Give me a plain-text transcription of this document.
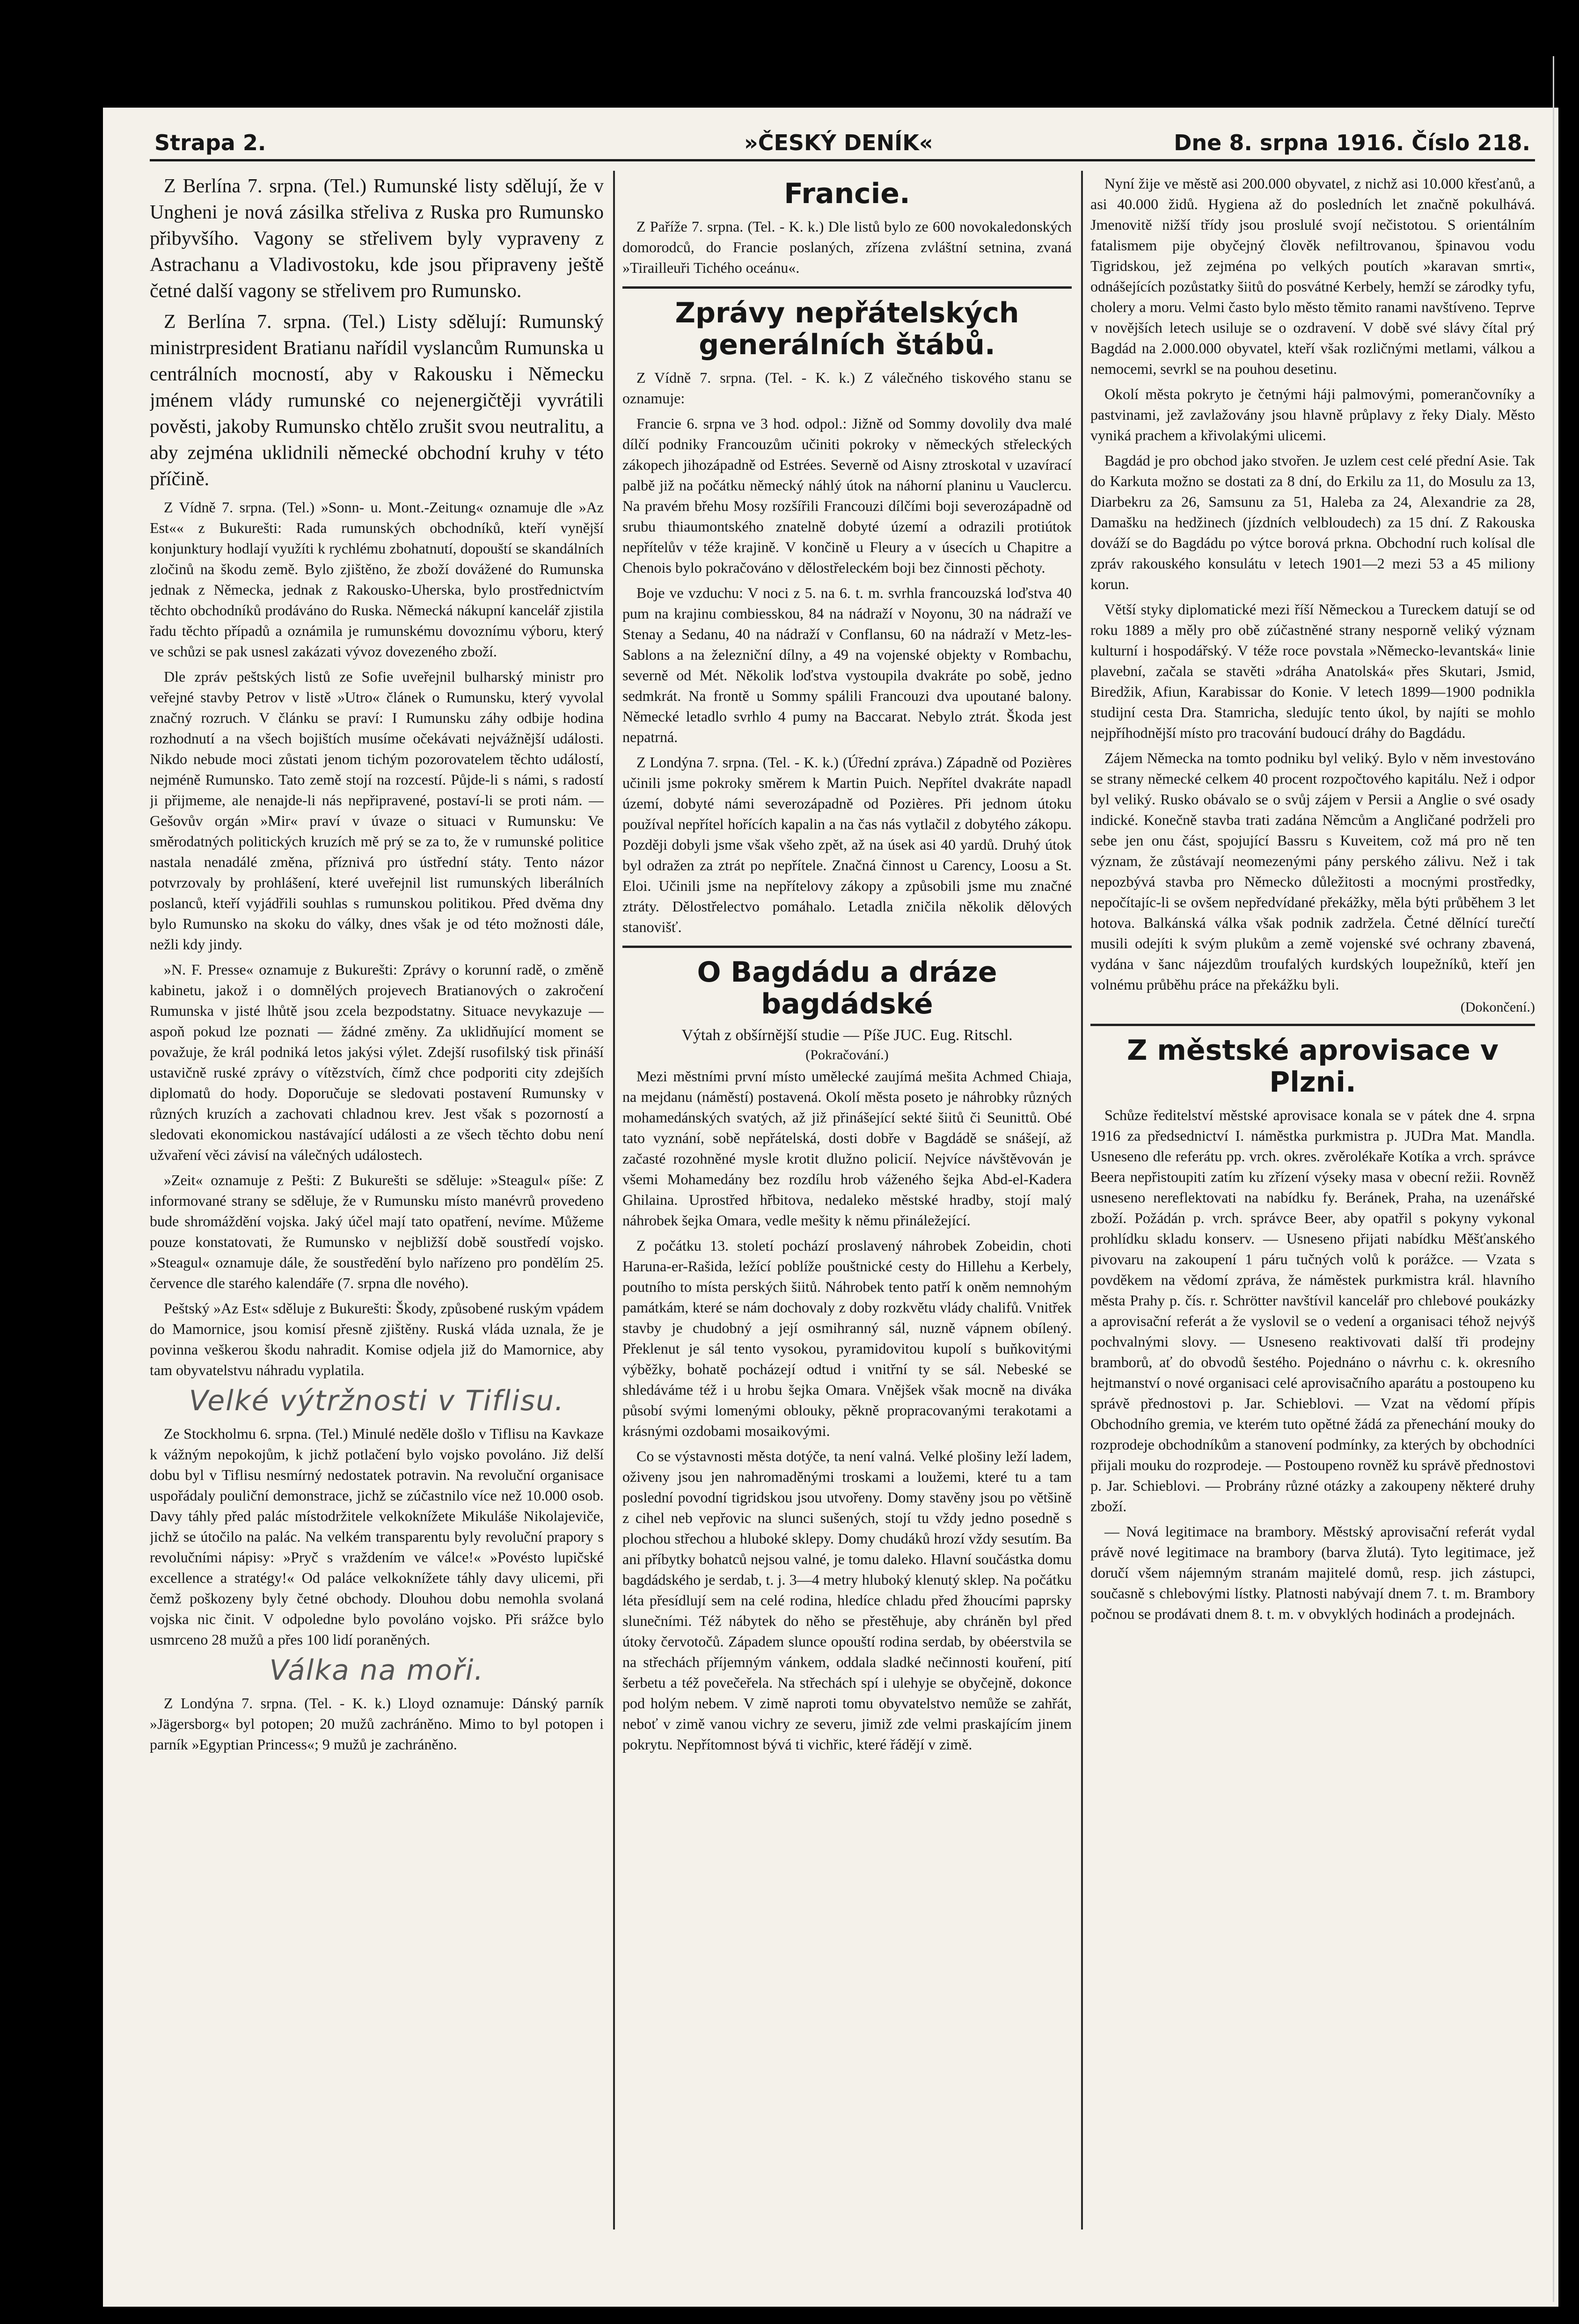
Strapa 2.	»ČESKÝ DENÍK«	Dne 8. srpna 1916. Číslo 218.

Z Berlína 7. srpna. (Tel.) Rumunské listy sdělují, že v Ungheni je nová zásilka střeliva z Ruska pro Rumunsko přibyvšího. Vagony se střelivem byly vypraveny z Astrachanu a Vladivostoku, kde jsou připraveny ještě četné další vagony se střelivem pro Rumunsko.

Z Berlína 7. srpna. (Tel.) Listy sdělují: Rumunský ministrpresident Bratianu nařídil vyslancům Rumunska u centrálních mocností, aby v Rakousku i Německu jménem vlády rumunské co nejenergičtěji vyvrátili pověsti, jakoby Rumunsko chtělo zrušit svou neutralitu, a aby zejména uklidnili německé obchodní kruhy v této příčině.

Z Vídně 7. srpna. (Tel.) »Sonn- u. Mont.-Zeitung« oznamuje dle »Az Est«« z Bukurešti: Rada rumunských obchodníků, kteří vynější konjunktury hodlají využíti k rychlému zbohatnutí, dopouští se skandálních zločinů na škodu země. Bylo zjištěno, že zboží dovážené do Rumunska jednak z Německa, jednak z Rakousko-Uherska, bylo prostřednictvím těchto obchodníků prodáváno do Ruska. Německá nákupní kancelář zjistila řadu těchto případů a oznámila je rumunskému dovoznímu výboru, který ve schůzi se pak usnesl zakázati vývoz dovezeného zboží.

Dle zpráv peštských listů ze Sofie uveřejnil bulharský ministr pro veřejné stavby Petrov v listě »Utro« článek o Rumunsku, který vyvolal značný rozruch. V článku se praví: I Rumunsku záhy odbije hodina rozhodnutí a na všech bojištích musíme očekávati nejvážnější události. Nikdo nebude moci zůstati jenom tichým pozorovatelem těchto událostí, nejméně Rumunsko. Tato země stojí na rozcestí. Půjde-li s námi, s radostí ji přijmeme, ale nenajde-li nás nepřipravené, postaví-li se proti nám. — Gešovův orgán »Mir« praví v úvaze o situaci v Rumunsku: Ve směrodatných politických kruzích mě prý se za to, že v rumunské politice nastala nenadálé změna, příznivá pro ústřední státy. Tento názor potvrzovaly by prohlášení, které uveřejnil list rumunských liberálních poslanců, kteří vyjádřili souhlas s rumunskou politikou. Před dvěma dny bylo Rumunsko na skoku do války, dnes však je od této možnosti dále, nežli kdy jindy.

»N. F. Presse« oznamuje z Bukurešti: Zprávy o korunní radě, o změně kabinetu, jakož i o domnělých projevech Bratianových o zakročení Rumunska v jisté lhůtě jsou zcela bezpodstatny. Situace nevykazuje — aspoň pokud lze poznati — žádné změny. Za uklidňující moment se považuje, že král podniká letos jakýsi výlet. Zdejší rusofilský tisk přináší ustavičně ruské zprávy o vítězstvích, čímž chce podporiti city zdejších diplomatů do hody. Doporučuje se sledovati postavení Rumunsky v různých kruzích a zachovati chladnou krev. Jest však s pozorností a sledovati ekonomickou nastávající události a ze všech těchto dobu není užvaření věci závisí na válečných událostech.

»Zeit« oznamuje z Pešti: Z Bukurešti se sděluje: »Steagul« píše: Z informované strany se sděluje, že v Rumunsku místo manévrů provedeno bude shromáždění vojska. Jaký účel mají tato opatření, nevíme. Můžeme pouze konstatovati, že Rumunsko v nejbližší době soustředí vojsko. »Steagul« oznamuje dále, že soustředění bylo nařízeno pro pondělím 25. července dle starého kalendáře (7. srpna dle nového).

Peštský »Az Est« sděluje z Bukurešti: Škody, způsobené ruským vpádem do Mamornice, jsou komisí přesně zjištěny. Ruská vláda uznala, že je povinna veškerou škodu nahradit. Komise odjela již do Mamornice, aby tam obyvatelstvu náhradu vyplatila.

Velké výtržnosti v Tiflisu.

Ze Stockholmu 6. srpna. (Tel.) Minulé neděle došlo v Tiflisu na Kavkaze k vážným nepokojům, k jichž potlačení bylo vojsko povoláno. Již delší dobu byl v Tiflisu nesmírný nedostatek potravin. Na revoluční organisace uspořádaly pouliční demonstrace, jichž se zúčastnilo více než 10.000 osob. Davy táhly před palác místodržitele velkoknížete Mikuláše Nikolajeviče, jichž se útočilo na palác. Na velkém transparentu byly revoluční prapory s revolučními nápisy: »Pryč s vraždením ve válce!« »Povésto lupičské excellence a stratégy!« Od paláce velkoknížete táhly davy ulicemi, při čemž poškozeny byly četné obchody. Dlouhou dobu nemohla svolaná vojska nic činit. V odpoledne bylo povoláno vojsko. Při srážce bylo usmrceno 28 mužů a přes 100 lidí poraněných.

Válka na moři.

Z Londýna 7. srpna. (Tel. - K. k.) Lloyd oznamuje: Dánský parník »Jägersborg« byl potopen; 20 mužů zachráněno. Mimo to byl potopen i parník »Egyptian Princess«; 9 mužů je zachráněno.

Francie.

Z Paříže 7. srpna. (Tel. - K. k.) Dle listů bylo ze 600 novokaledonských domorodců, do Francie poslaných, zřízena zvláštní setnina, zvaná »Tirailleuři Tichého oceánu«.

Zprávy nepřátelských generálních štábů.

Z Vídně 7. srpna. (Tel. - K. k.) Z válečného tiskového stanu se oznamuje:

Francie 6. srpna ve 3 hod. odpol.: Jižně od Sommy dovolily dva malé dílčí podniky Francouzům učiniti pokroky v německých střeleckých zákopech jihozápadně od Estrées. Severně od Aisny ztroskotal v uzavírací palbě již na počátku německý náhlý útok na náhorní planinu u Vauclercu. Na pravém břehu Mosy rozšířili Francouzi dílčími boji severozápadně od srubu thiaumontského znatelně dobyté území a odrazili protiútok nepřítelův v téže krajině. V končině u Fleury a v úsecích u Chapitre a Chenois bylo pokračováno v dělostřeleckém boji bez činnosti pěchoty.

Boje ve vzduchu: V noci z 5. na 6. t. m. svrhla francouzská loďstva 40 pum na krajinu combiesskou, 84 na nádraží v Noyonu, 30 na nádraží ve Stenay a Sedanu, 40 na nádraží v Conflansu, 60 na nádraží v Metz-les-Sablons a na železniční dílny, a 49 na vojenské objekty v Rombachu, severně od Mét. Několik loďstva vystoupila dvakráte po sobě, jedno sedmkrát. Na frontě u Sommy spálili Francouzi dva upoutané balony. Německé letadlo svrhlo 4 pumy na Baccarat. Nebylo ztrát. Škoda jest nepatrná.

Z Londýna 7. srpna. (Tel. - K. k.) (Úřední zpráva.) Západně od Pozières učinili jsme pokroky směrem k Martin Puich. Nepřítel dvakráte napadl území, dobyté námi severozápadně od Pozières. Při jednom útoku používal nepřítel hořících kapalin a na čas nás vytlačil z dobytého zákopu. Později dobyli jsme však všeho zpět, až na úsek asi 40 yardů. Druhý útok byl odražen za ztrát po nepřítele. Značná činnost u Carency, Loosu a St. Eloi. Učinili jsme na nepřítelovy zákopy a způsobili jsme mu značné ztráty. Dělostřelectvo pomáhalo. Letadla zničila několik dělových stanovišť.

O Bagdádu a dráze bagdádské
Výtah z obšírnější studie — Píše JUC. Eug. Ritschl.
(Pokračování.)

Mezi městními první místo umělecké zaujímá mešita Achmed Chiaja, na mejdanu (náměstí) postavená. Okolí města poseto je náhrobky různých mohamedánských svatých, až již přinášející sekté šiitů či Seunittů. Obé tato vyznání, sobě nepřátelská, dosti dobře v Bagdádě se snášejí, až začasté rozohněné mysle krotit dlužno policií. Nejvíce návštěvován je všemi Mohamedány bez rozdílu hrob váženého šejka Abd-el-Kadera Ghilaina. Uprostřed hřbitova, nedaleko městské hradby, stojí malý náhrobek šejka Omara, vedle mešity k němu přináležející.

Z počátku 13. století pochází proslavený náhrobek Zobeidin, choti Haruna-er-Rašida, ležící poblíže pouštnické cesty do Hillehu a Kerbely, poutního to místa perských šiitů. Náhrobek tento patří k oněm nemnohým památkám, které se nám dochovaly z doby rozkvětu vlády chalifů. Vnitřek stavby je chudobný a její osmihranný sál, nuzně vápnem obílený. Překlenut je sál tento vysokou, pyramidovitou kupolí s buňkovitými výběžky, bohatě pocházejí odtud i vnitřní ty se sál. Nebeské se shledáváme též i u hrobu šejka Omara. Vnějšek však mocně na diváka působí svými lomenými oblouky, pěkně propracovanými terakotami a krásnými ozdobami mosaikovými.

Co se výstavnosti města dotýče, ta není valná. Velké plošiny leží ladem, oživeny jsou jen nahromaděnými troskami a loužemi, které tu a tam poslední povodní tigridskou jsou utvořeny. Domy stavěny jsou po většině z cihel neb vepřovic na slunci sušených, stojí tu vždy jedno posedně s plochou střechou a hluboké sklepy. Domy chudáků hrozí vždy sesutím. Ba ani příbytky bohatců nejsou valné, je tomu daleko. Hlavní součástka domu bagdádského je serdab, t. j. 3—4 metry hluboký klenutý sklep. Na počátku léta přesídlují sem na celé rodina, hledíce chladu před žhoucími paprsky slunečními. Též nábytek do něho se přestěhuje, aby chráněn byl před útoky červotočů. Západem slunce opouští rodina serdab, by obéerstvila se na střechách příjemným vánkem, oddala sladké nečinnosti kouření, pití šerbetu a též povečeřela. Na střechách spí i ulehyje se obyčejně, dokonce pod holým nebem. V zimě naproti tomu obyvatelstvo nemůže se zahřát, neboť v zimě vanou vichry ze severu, jimiž zde velmi praskajícím jinem pokrytu. Nepřítomnost bývá ti vichřic, které řádějí v zimě.

Nyní žije ve městě asi 200.000 obyvatel, z nichž asi 10.000 křesťanů, a asi 40.000 židů. Hygiena až do posledních let značně pokulhává. Jmenovitě nižší třídy jsou proslulé svojí nečistotou. S orientálním fatalismem pije obyčejný člověk nefiltrovanou, špinavou vodu Tigridskou, jež zejména po velkých poutích »karavan smrti«, odnášejících pozůstatky šiitů do posvátné Kerbely, hemží se zárodky tyfu, cholery a moru. Velmi často bylo město těmito ranami navštíveno. Teprve v novějších letech usiluje se o ozdravení. V době své slávy čítal prý Bagdád na 2.000.000 obyvatel, kteří však rozličnými metlami, válkou a nemocemi, sevrkl se na pouhou desetinu.

Okolí města pokryto je četnými háji palmovými, pomerančovníky a pastvinami, jež zavlažovány jsou hlavně průplavy z řeky Dialy. Město vyniká prachem a křivolakými ulicemi.

Bagdád je pro obchod jako stvořen. Je uzlem cest celé přední Asie. Tak do Karkuta možno se dostati za 8 dní, do Erkilu za 11, do Mosulu za 13, Diarbekru za 26, Samsunu za 51, Haleba za 24, Alexandrie za 28, Damašku na hedžinech (jízdních velbloudech) za 15 dní. Z Rakouska dováží se do Bagdádu po výtce borová prkna. Obchodní ruch kolísal dle zpráv rakouského konsulátu v letech 1901—2 mezi 53 a 45 miliony korun.

Větší styky diplomatické mezi říší Německou a Tureckem datují se od roku 1889 a měly pro obě zúčastněné strany nesporně veliký význam kulturní i hospodářský. V téže roce povstala »Německo-levantská« linie plavební, začala se stavěti »dráha Anatolská« přes Skutari, Jsmid, Biredžik, Afiun, Karabissar do Konie. V letech 1899—1900 podnikla studijní cesta Dra. Stamricha, sledujíc tento úkol, by najíti se mohlo nejpříhodnější místo pro tracování budoucí dráhy do Bagdádu.

Zájem Německa na tomto podniku byl veliký. Bylo v něm investováno se strany německé celkem 40 procent rozpočtového kapitálu. Než i odpor byl veliký. Rusko obávalo se o svůj zájem v Persii a Anglie o své osady indické. Konečně stavba trati zadána Němcům a Angličané podrželi pro sebe jen onu část, spojující Bassru s Kuveitem, což má pro ně ten význam, že zůstávají neomezenými pány perského zálivu. Než i tak nepozbývá stavba pro Německo důležitosti a mocnými prostředky, nepočítajíc-li se ovšem nepředvídané překážky, měla býti průběhem 3 let hotova. Balkánská válka však podnik zadržela. Četné dělnící turečtí musili odejíti k svým plukům a země vojenské své ochrany zbavená, vydána v šanc nájezdům troufalých kurdských loupežníků, kteří jen volnému průběhu práce na překážku byli.

(Dokončení.)
Z městské aprovisace v Plzni.

Schůze ředitelství městské aprovisace konala se v pátek dne 4. srpna 1916 za předsednictví I. náměstka purkmistra p. JUDra Mat. Mandla. Usneseno dle referátu pp. vrch. okres. zvěrolékaře Kotíka a vrch. správce Beera nepřistoupiti zatím ku zřízení výseky masa v obecní režii. Rovněž usneseno nereflektovati na nabídku fy. Beránek, Praha, na uzenářské zboží. Požádán p. vrch. správce Beer, aby opatřil s pokyny vykonal prohlídku skladu konserv. — Usneseno přijati nabídku Měšťanského pivovaru na zakoupení 1 páru tučných volů k porážce. — Vzata s povděkem na vědomí zpráva, že náměstek purkmistra král. hlavního města Prahy p. čís. r. Schrötter navštívil kancelář pro chlebové poukázky a aprovisační referát a že vyslovil se o vedení a organisaci téhož nejvýš pochvalnými slovy. — Usneseno reaktivovati další tři prodejny bramborů, ať do obvodů šestého. Pojednáno o návrhu c. k. okresního hejtmanství o nové organisaci celé aprovisačního aparátu a postoupeno ku správě přednostovi p. Jar. Schieblovi. — Vzat na vědomí přípis Obchodního gremia, ve kterém tuto opětné žádá za přenechání mouky do rozprodeje obchodníkům a stanovení podmínky, za kterých by obchodníci přijali mouku do rozprodeje. — Postoupeno rovněž ku správě přednostovi p. Jar. Schieblovi. — Probrány různé otázky a zakoupeny některé druhy zboží.

— Nová legitimace na brambory. Městský aprovisační referát vydal právě nové legitimace na brambory (barva žlutá). Tyto legitimace, jež doručí všem nájemným stranám majitelé domů, resp. jich zástupci, současně s chlebovými lístky. Platnosti nabývají dnem 7. t. m. Brambory počnou se prodávati dnem 8. t. m. v obvyklých hodinách a prodejnách.
